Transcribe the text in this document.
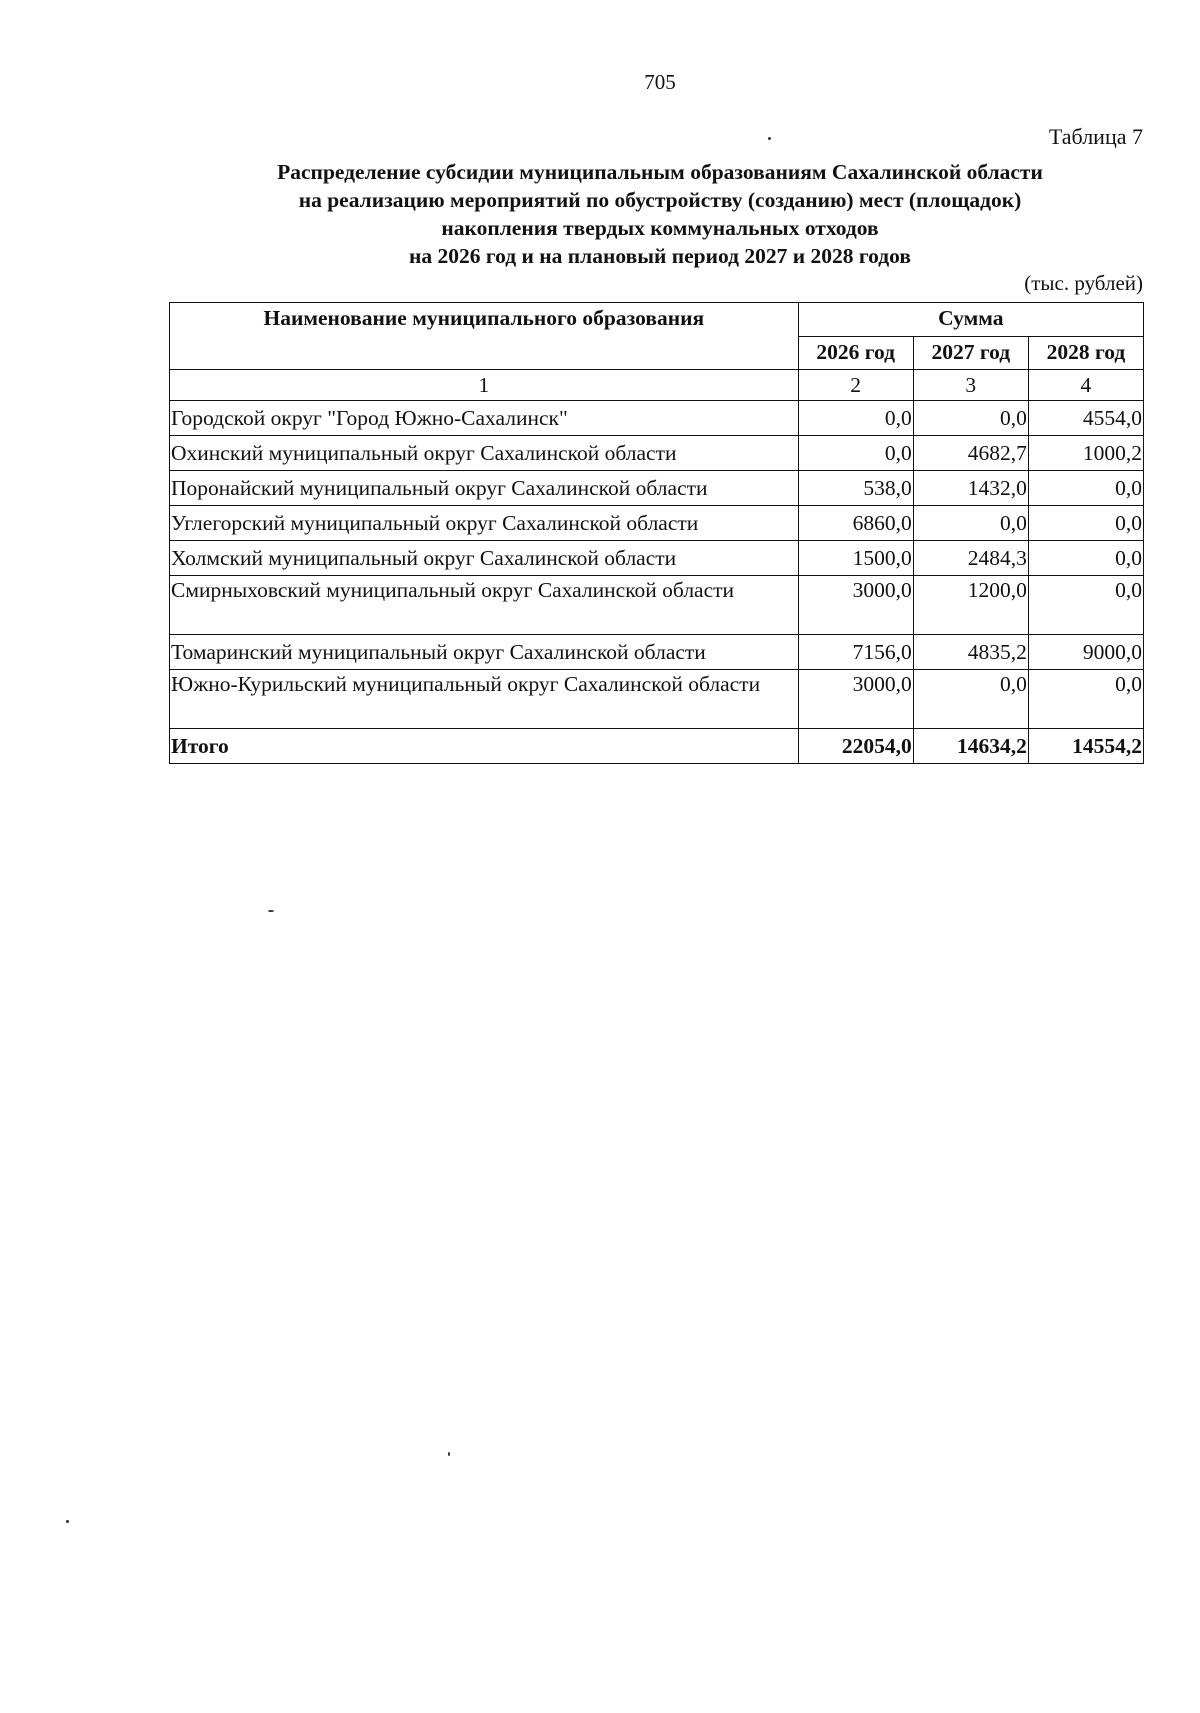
705
Таблица 7
Распределение субсидии муниципальным образованиям Сахалинской области
на реализацию мероприятий по обустройству (созданию) мест (площадок)
накопления твердых коммунальных отходов
на 2026 год и на плановый период 2027 и 2028 годов
(тыс. рублей)
Наименование муниципального образования	Сумма		
	2026 год	2027 год	2028 год
1	2	3	4
Городской округ "Город Южно-Сахалинск"	0,0	0,0	4554,0
Охинский муниципальный округ Сахалинской области	0,0	4682,7	1000,2
Поронайский муниципальный округ Сахалинской области	538,0	1432,0	0,0
Углегорский муниципальный округ Сахалинской области	6860,0	0,0	0,0
Холмский муниципальный округ Сахалинской области	1500,0	2484,3	0,0
Смирныховский муниципальный округ Сахалинской области	3000,0	1200,0	0,0
Томаринский муниципальный округ Сахалинской области	7156,0	4835,2	9000,0
Южно-Курильский муниципальный округ Сахалинской области	3000,0	0,0	0,0
Итого	22054,0	14634,2	14554,2
